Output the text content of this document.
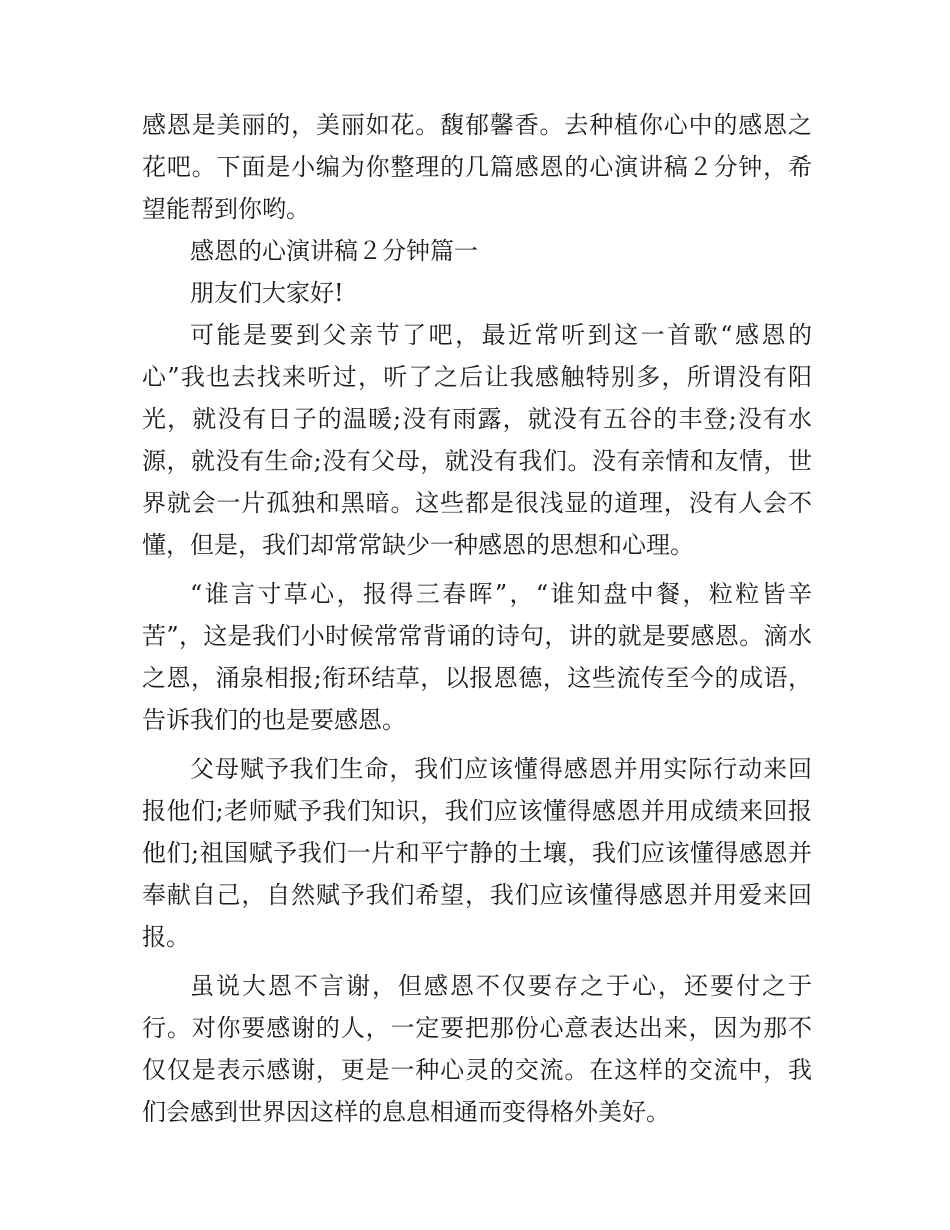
感恩是美丽的，美丽如花。馥郁馨香。去种植你心中的感恩之花吧。下面是小编为你整理的几篇感恩的心演讲稿２分钟，希望能帮到你哟。

感恩的心演讲稿２分钟篇一

朋友们大家好!

可能是要到父亲节了吧，最近常听到这一首歌“感恩的心”我也去找来听过，听了之后让我感触特别多，所谓没有阳光，就没有日子的温暖;没有雨露，就没有五谷的丰登;没有水源，就没有生命;没有父母，就没有我们。没有亲情和友情，世界就会一片孤独和黑暗。这些都是很浅显的道理，没有人会不懂，但是，我们却常常缺少一种感恩的思想和心理。

“谁言寸草心，报得三春晖”，“谁知盘中餐，粒粒皆辛苦”，这是我们小时候常常背诵的诗句，讲的就是要感恩。滴水之恩，涌泉相报;衔环结草，以报恩德，这些流传至今的成语，告诉我们的也是要感恩。

父母赋予我们生命，我们应该懂得感恩并用实际行动来回报他们;老师赋予我们知识，我们应该懂得感恩并用成绩来回报他们;祖国赋予我们一片和平宁静的土壤，我们应该懂得感恩并奉献自己，自然赋予我们希望，我们应该懂得感恩并用爱来回报。

虽说大恩不言谢，但感恩不仅要存之于心，还要付之于行。对你要感谢的人，一定要把那份心意表达出来，因为那不仅仅是表示感谢，更是一种心灵的交流。在这样的交流中，我们会感到世界因这样的息息相通而变得格外美好。
